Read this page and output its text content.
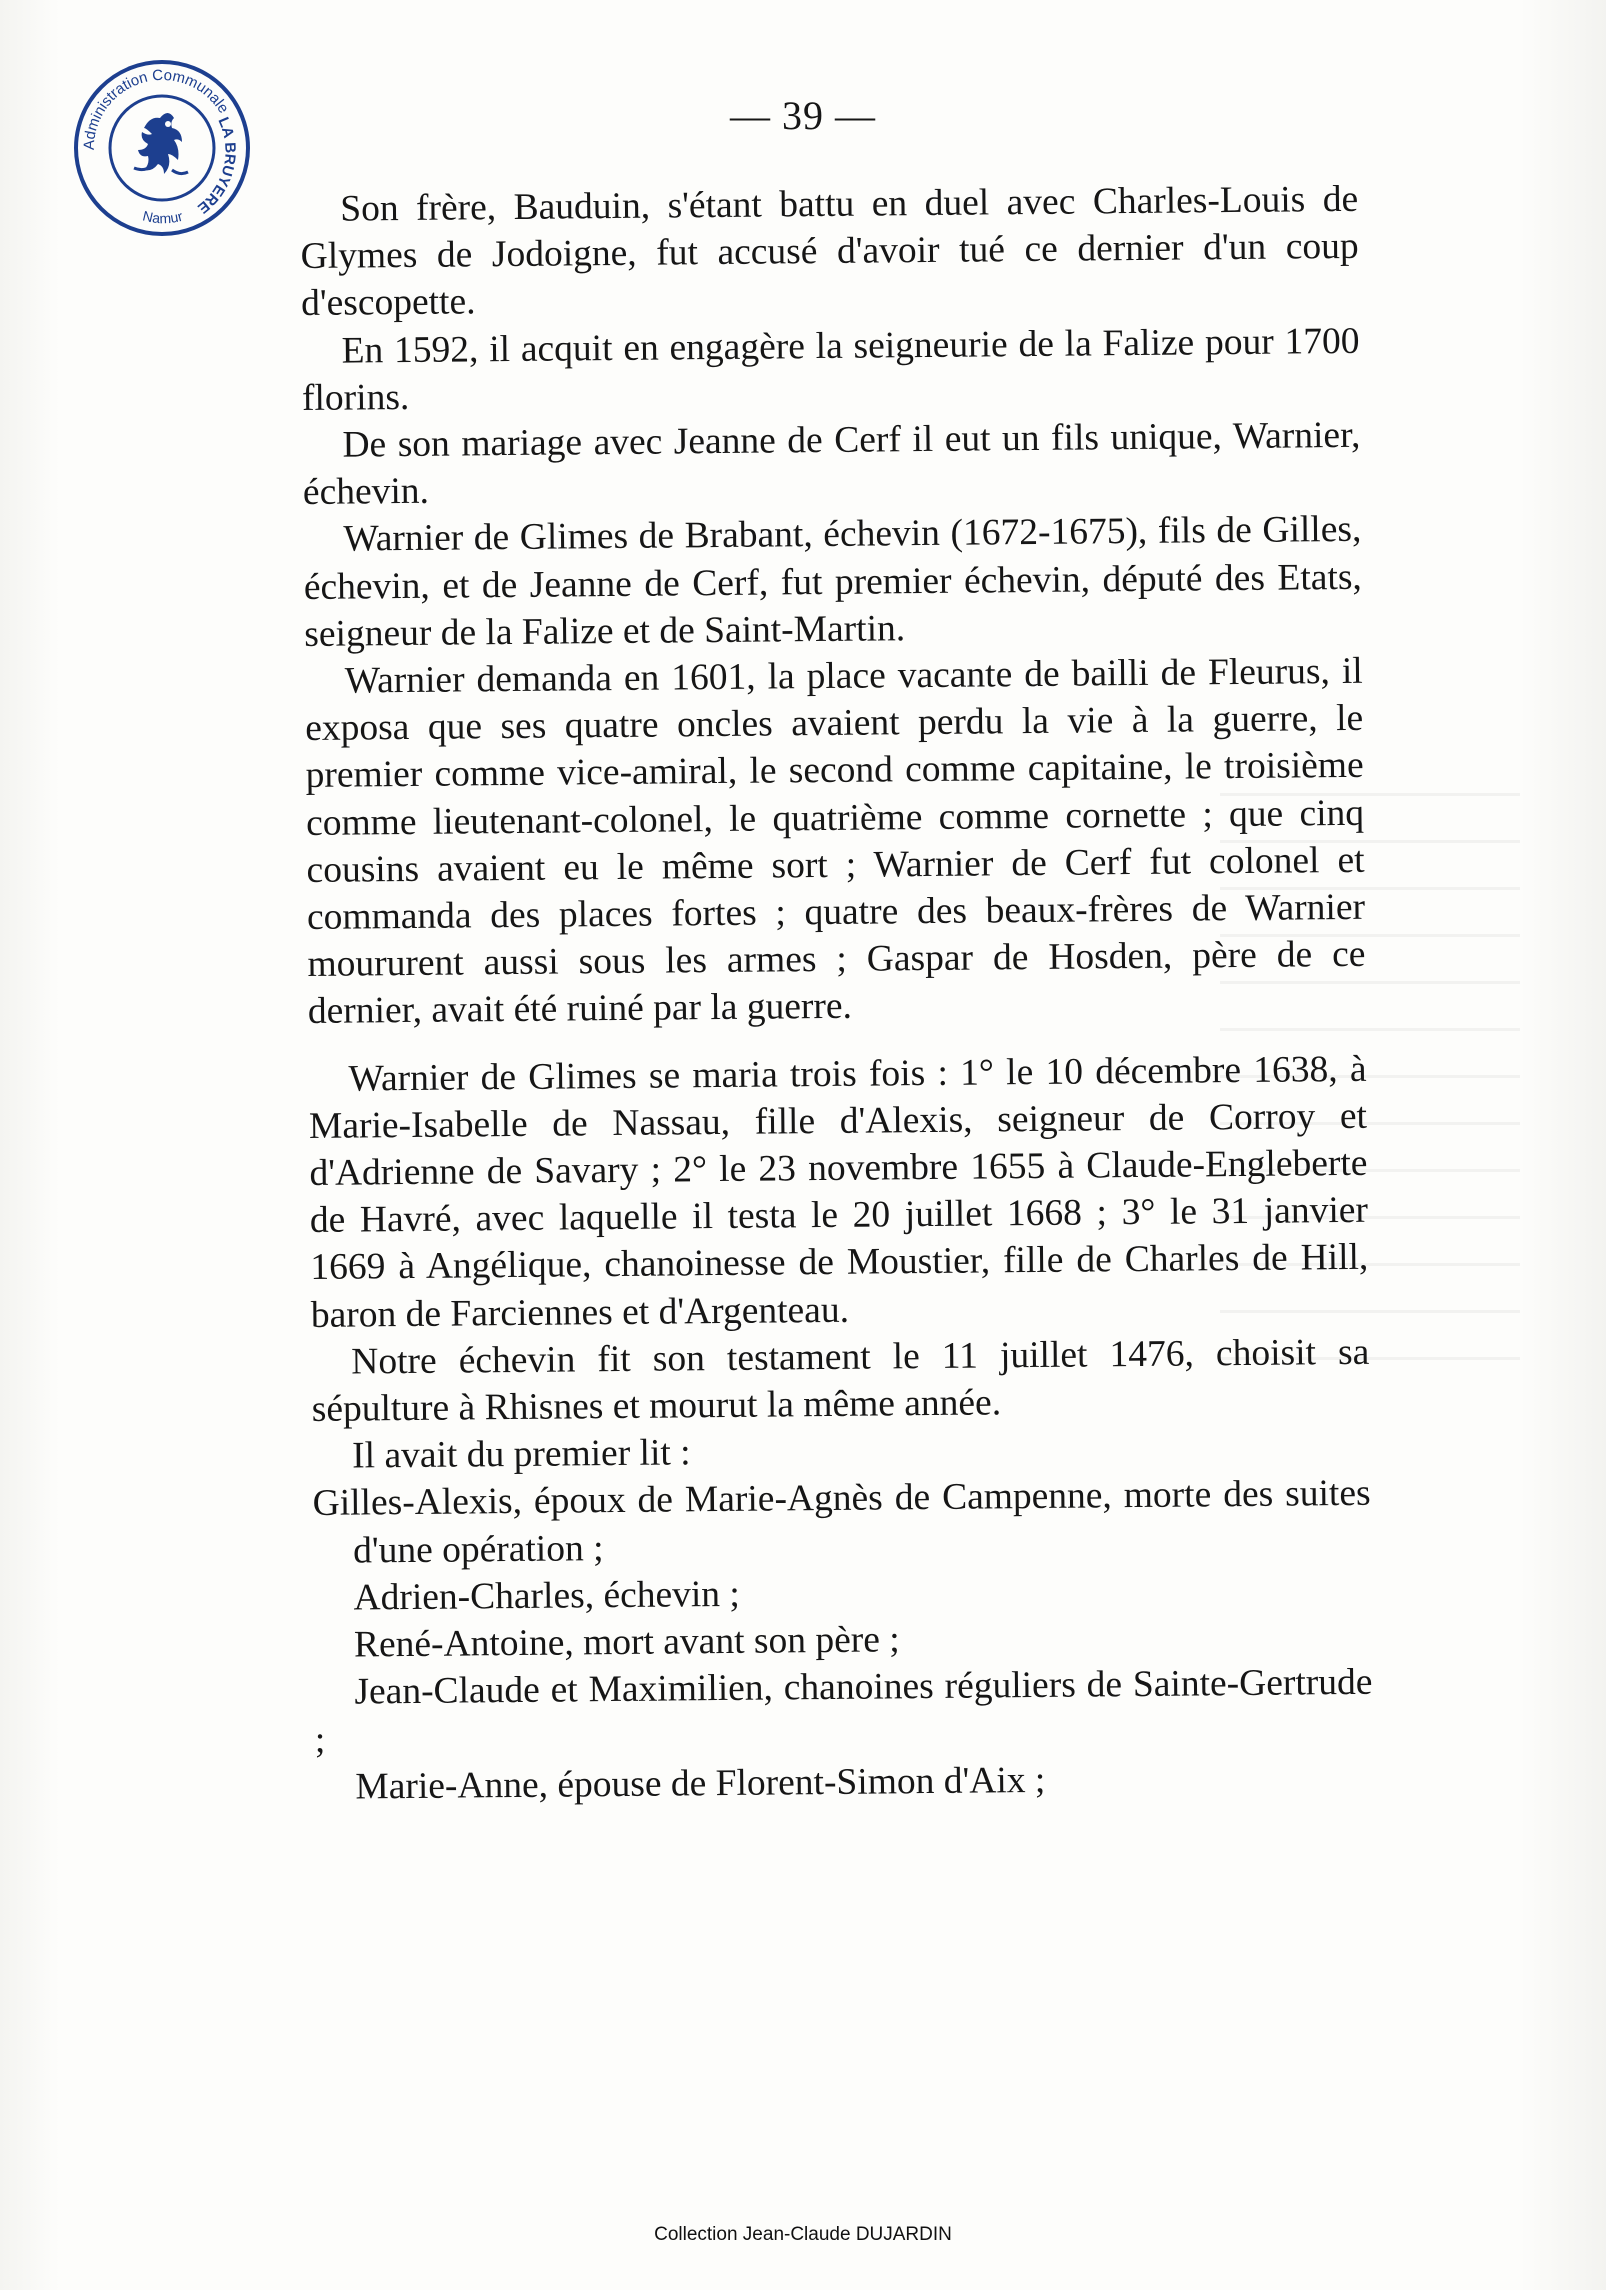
Administration Communale
LA BRUYERE
Namur
— 39 —

Son frère, Bauduin, s'étant battu en duel avec Charles-Louis de Glymes de Jodoigne, fut accusé d'avoir tué ce dernier d'un coup d'escopette.

En 1592, il acquit en engagère la seigneurie de la Falize pour 1700 florins.

De son mariage avec Jeanne de Cerf il eut un fils unique, Warnier, échevin.

Warnier de Glimes de Brabant, échevin (1672-1675), fils de Gilles, échevin, et de Jeanne de Cerf, fut premier échevin, député des Etats, seigneur de la Falize et de Saint-Martin.

Warnier demanda en 1601, la place vacante de bailli de Fleurus, il exposa que ses quatre oncles avaient perdu la vie à la guerre, le premier comme vice-amiral, le second comme capitaine, le troisième comme lieutenant-colonel, le quatrième comme cornette ; que cinq cousins avaient eu le même sort ; Warnier de Cerf fut colonel et commanda des places fortes ; quatre des beaux-frères de Warnier moururent aussi sous les armes ; Gaspar de Hosden, père de ce dernier, avait été ruiné par la guerre.

Warnier de Glimes se maria trois fois : 1° le 10 décembre 1638, à Marie-Isabelle de Nassau, fille d'Alexis, seigneur de Corroy et d'Adrienne de Savary ; 2° le 23 novembre 1655 à Claude-Engleberte de Havré, avec laquelle il testa le 20 juillet 1668 ; 3° le 31 janvier 1669 à Angélique, chanoinesse de Moustier, fille de Charles de Hill, baron de Farciennes et d'Argenteau.

Notre échevin fit son testament le 11 juillet 1476, choisit sa sépulture à Rhisnes et mourut la même année.

Il avait du premier lit :

Gilles-Alexis, époux de Marie-Agnès de Campenne, morte des suites d'une opération ;
Adrien-Charles, échevin ;
René-Antoine, mort avant son père ;
Jean-Claude et Maximilien, chanoines réguliers de Sainte-Gertrude ;
Marie-Anne, épouse de Florent-Simon d'Aix ;
Collection Jean-Claude DUJARDIN
